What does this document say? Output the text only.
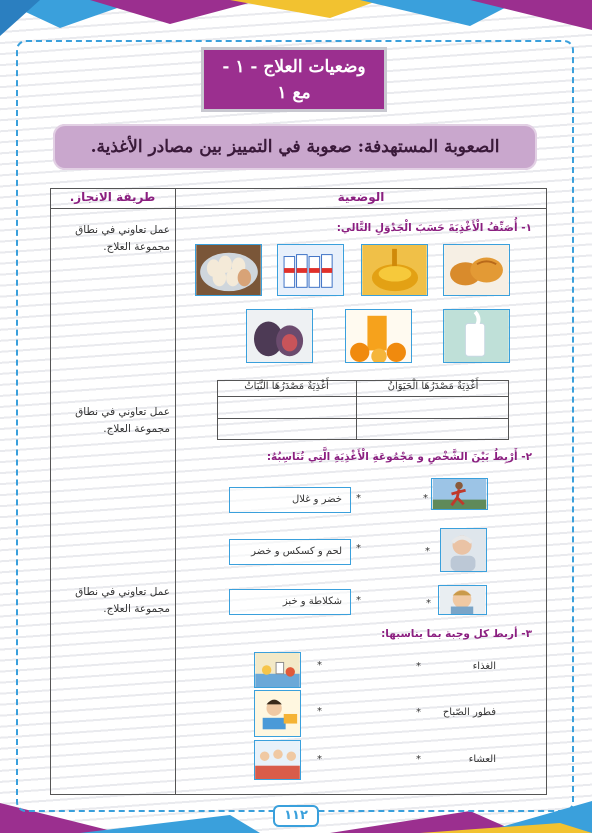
وضعيات العلاج - ١ -
مع ١
الصعوبة المستهدفة: صعوبة في التمييز بين مصادر الأغذية.
طريقة الانجاز.	الوضعية
عمل تعاوني في نطاق مجموعة العلاج.
عمل تعاوني في نطاق مجموعة العلاج.
عمل تعاوني في نطاق مجموعة العلاج.
١- أُصَنِّفُ الْأَغْذِيَةَ حَسَبَ الْجَدْوَلِ التَّالي:
أَغْذِيَةٌ مَصْدَرُهَا الْحَيَوَانُ
أَغْذِيَةٌ مَصْدَرُهَا النَّبَاتُ
٢- أَرْبِطُ بَيْنَ الشَّخْصِ و مَجْمُوعَةِ الْأَغْذِيَةِ الَّتِي تُنَاسِبُهُ:
*
*
خضر و غلال
*
*
لحم و كسكس و خضر
*
*
شكلاطة و خبز
٣- أربط كل وجبة بما يناسبها:
الغذاء
*
فطور الصّباح
*
العشاء
*
*
*
*
١١٢
